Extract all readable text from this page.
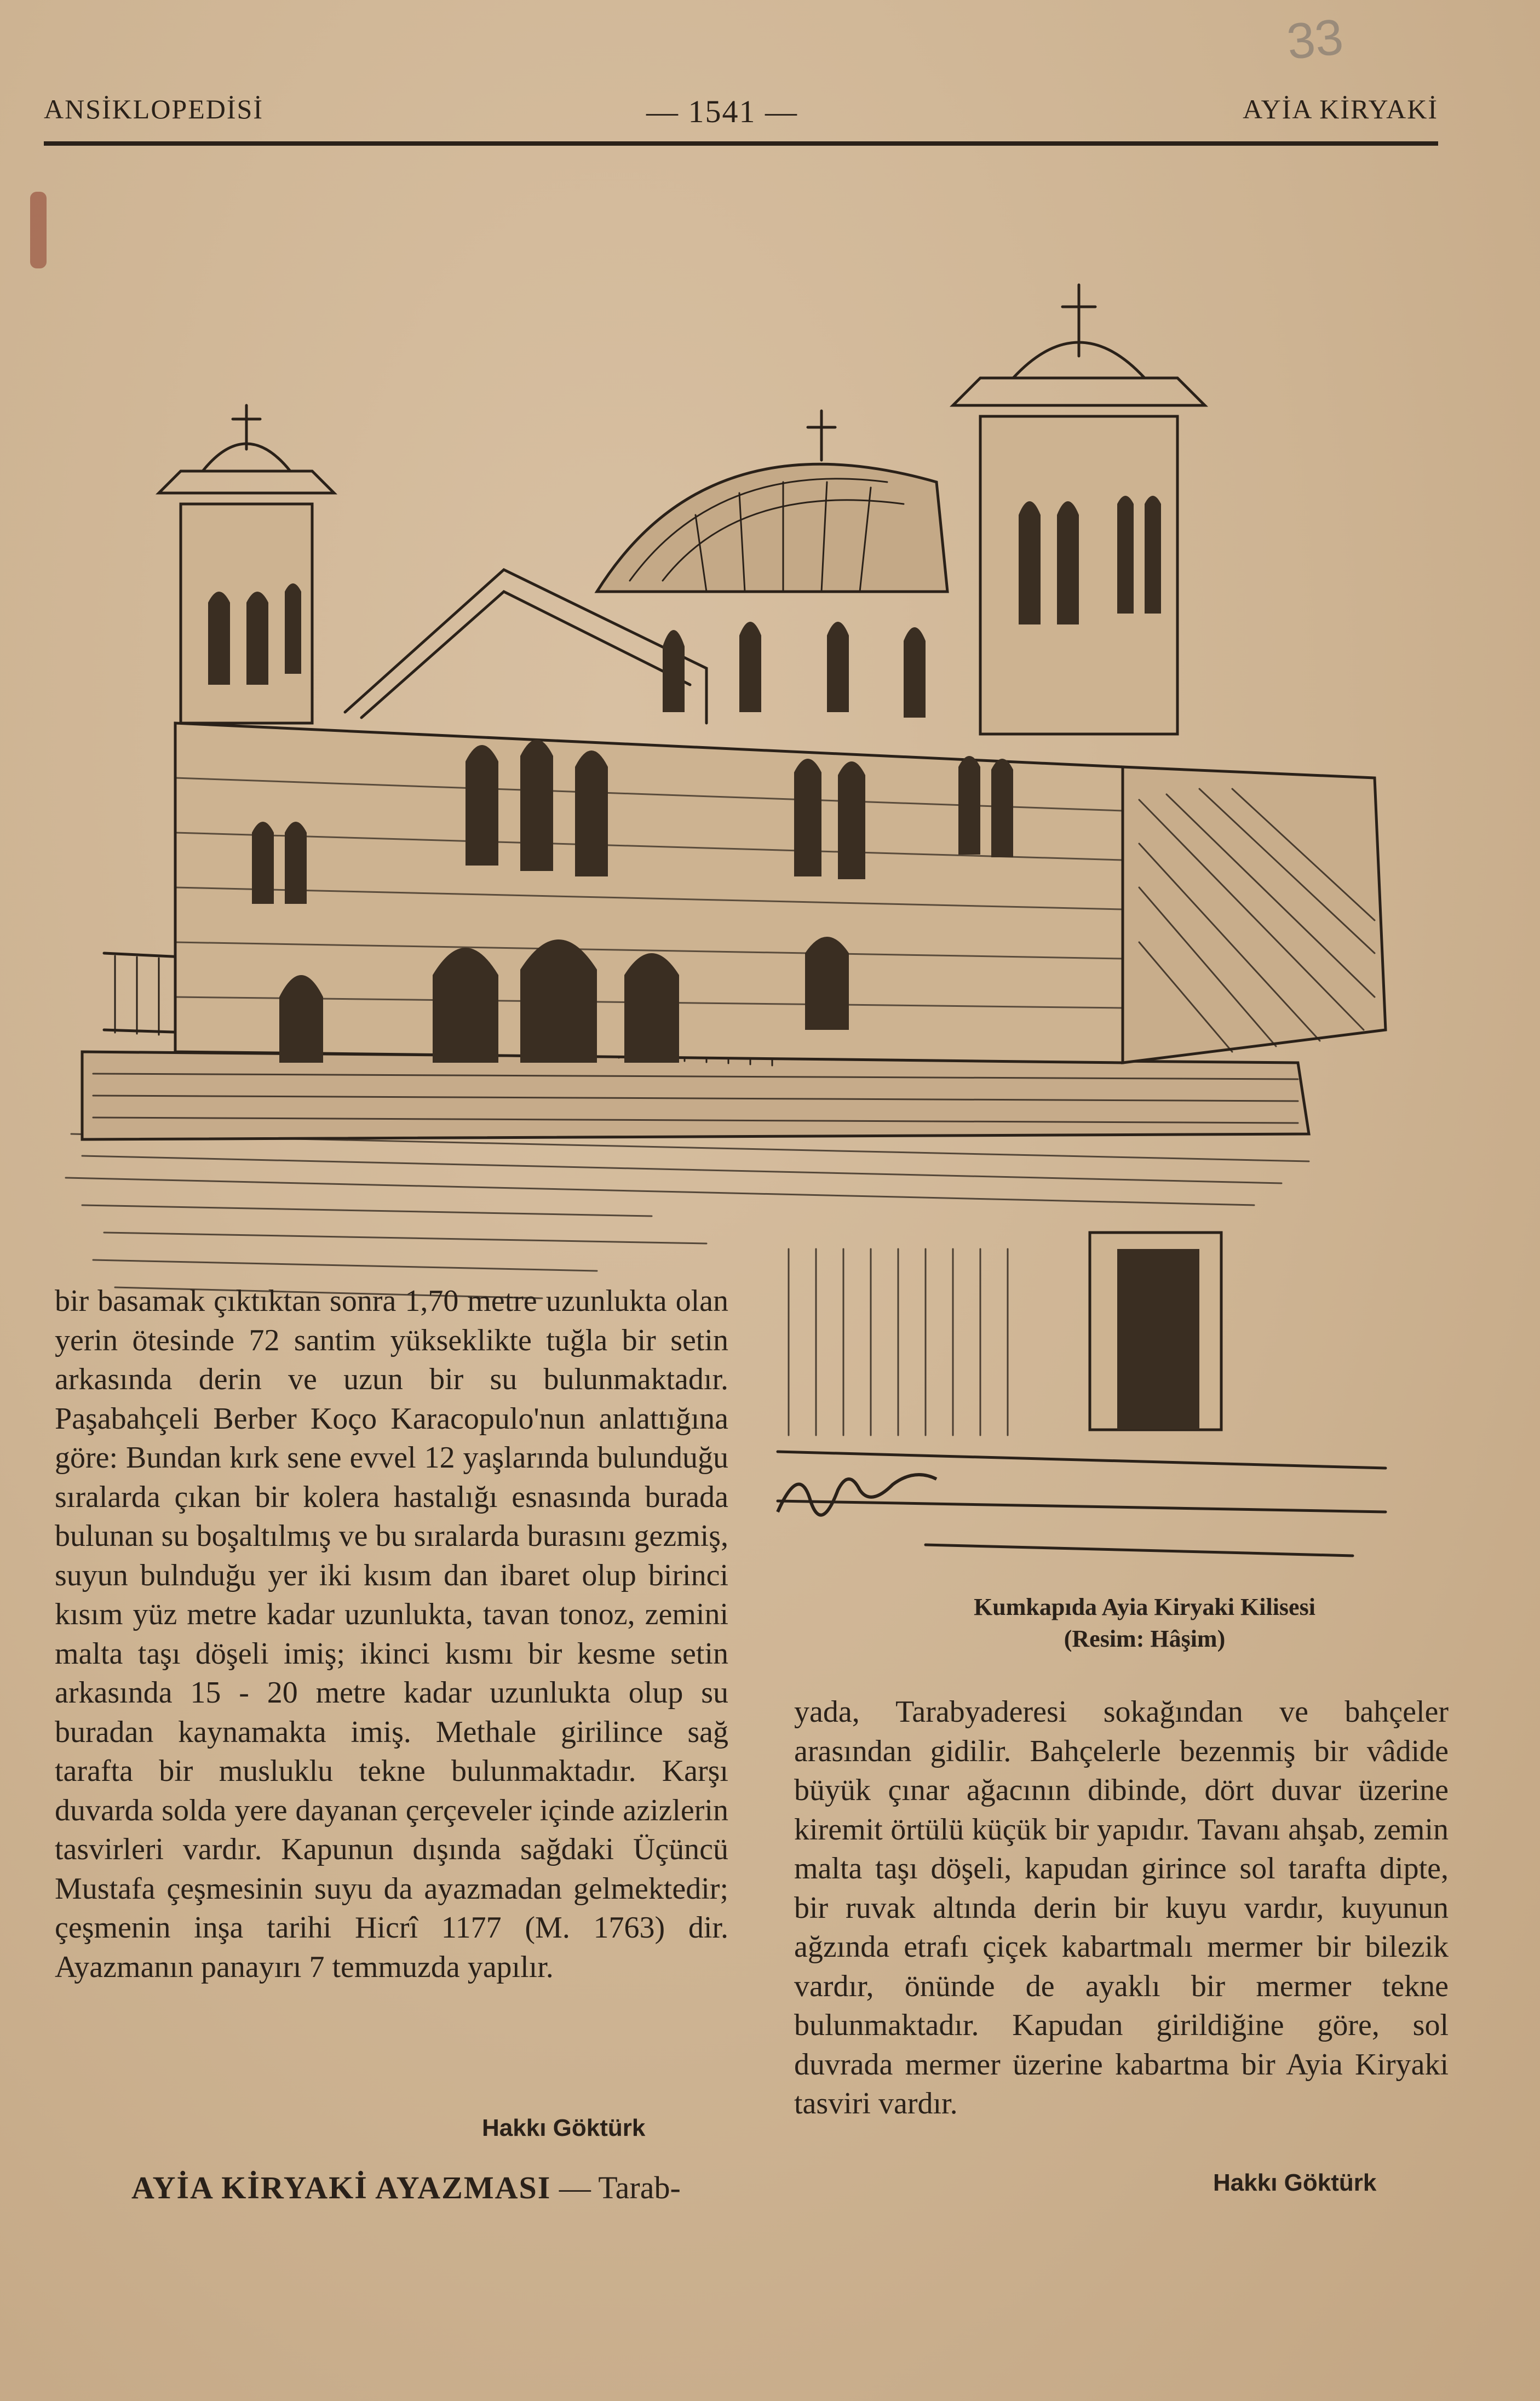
33
ANSİKLOPEDİSİ	— 1541 —	AYİA KİRYAKİ
Kumkapıda Ayia Kiryaki Kilisesi
(Resim: Hâşim)

bir basamak çıktıktan sonra 1,70 metre uzunlukta olan yerin ötesinde 72 santim yükseklikte tuğla bir setin arkasında derin ve uzun bir su bulunmaktadır. Paşabahçeli Berber Koço Karacopulo'nun anlattığına göre: Bundan kırk sene evvel 12 yaşlarında bulunduğu sıralarda çıkan bir kolera hastalığı esnasında burada bulunan su boşaltılmış ve bu sıralarda burasını gezmiş, suyun bulnduğu yer iki kısım dan ibaret olup birinci kısım yüz metre kadar uzunlukta, tavan tonoz, zemini malta taşı döşeli imiş; ikinci kısmı bir kesme setin arkasında 15 - 20 metre kadar uzunlukta olup su buradan kaynamakta imiş. Methale girilince sağ tarafta bir musluklu tekne bulunmaktadır. Karşı duvarda solda yere dayanan çerçeveler içinde azizlerin tasvirleri vardır. Kapunun dışında sağdaki Üçüncü Mustafa çeşmesinin suyu da ayazmadan gelmektedir; çeşmenin inşa tarihi Hicrî 1177 (M. 1763) dir. Ayazmanın panayırı 7 temmuzda yapılır.

Hakkı Göktürk
AYİA KİRYAKİ AYAZMASI — Tarab-

yada, Tarabyaderesi sokağından ve bahçeler arasından gidilir. Bahçelerle bezenmiş bir vâdide büyük çınar ağacının dibinde, dört duvar üzerine kiremit örtülü küçük bir yapıdır. Tavanı ahşab, zemin malta taşı döşeli, kapudan girince sol tarafta dipte, bir ruvak altında derin bir kuyu vardır, kuyunun ağzında etrafı çiçek kabartmalı mermer bir bilezik vardır, önünde de ayaklı bir mermer tekne bulunmaktadır. Kapudan girildiğine göre, sol duvrada mermer üzerine kabartma bir Ayia Kiryaki tasviri vardır.

Hakkı Göktürk
